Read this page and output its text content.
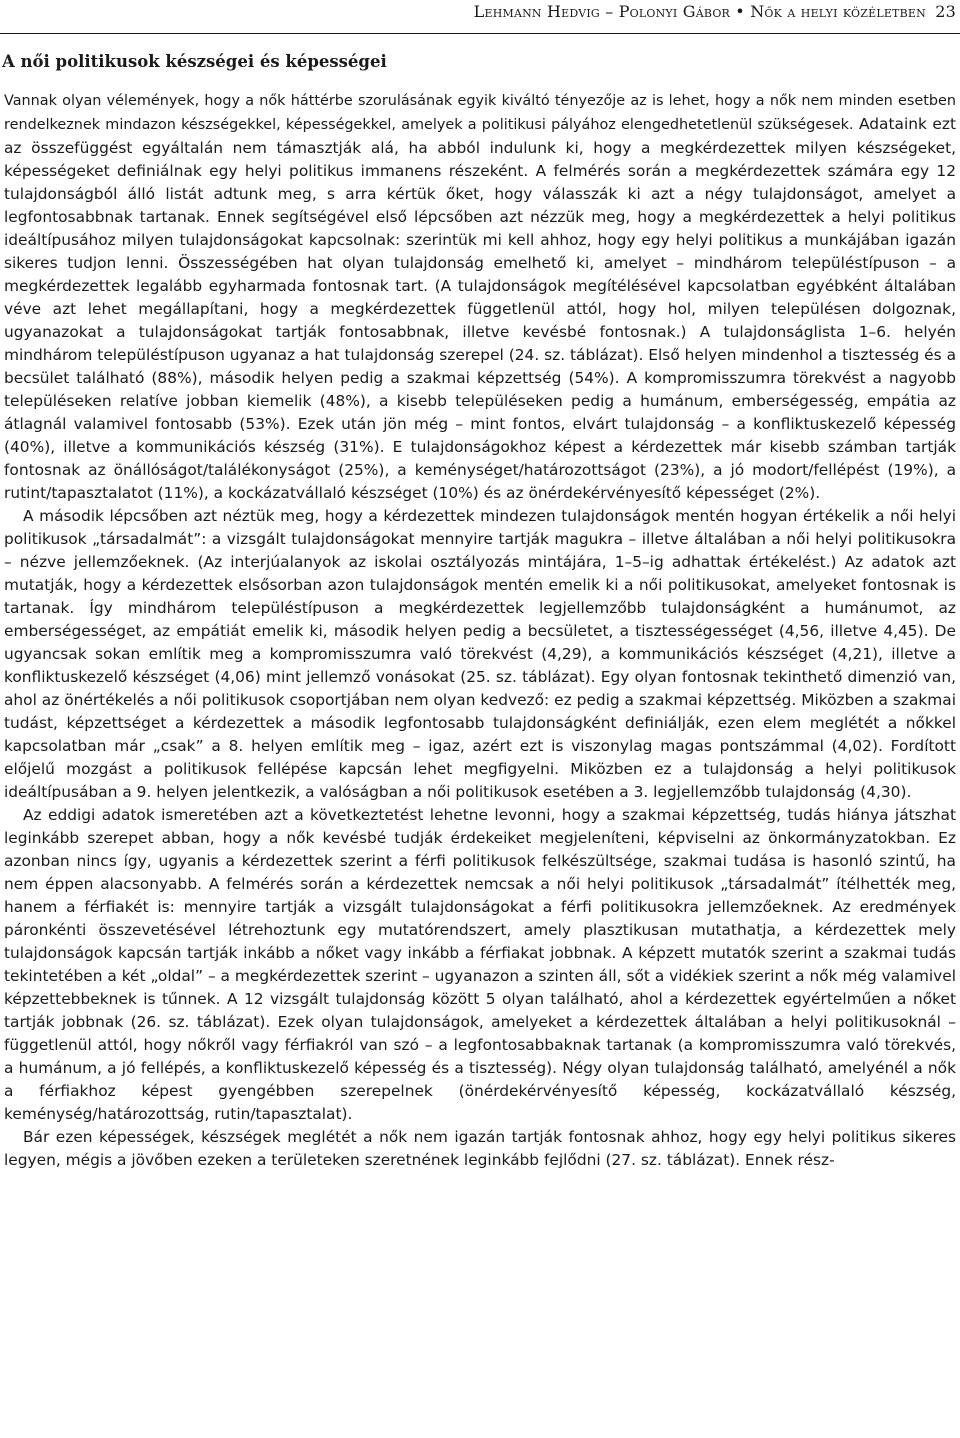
Lehmann Hedvig – Polonyi Gábor • Nők a helyi közéletben 23
A női politikusok készségei és képességei

Vannak olyan vélemények, hogy a nők háttérbe szorulásának egyik kiváltó tényezője az is lehet, hogy a nők nem minden esetben rendelkeznek mindazon készségekkel, képességekkel, amelyek a politikusi pályához elengedhetetlenül szükségesek. Adataink ezt az összefüggést egyáltalán nem támasztják alá, ha abból indulunk ki, hogy a megkérdezettek milyen készségeket, képességeket definiálnak egy helyi politikus immanens részeként. A felmérés során a megkérdezettek számára egy 12 tulajdonságból álló listát adtunk meg, s arra kértük őket, hogy válasszák ki azt a négy tulajdonságot, amelyet a legfontosabbnak tartanak. Ennek segítségével első lépcsőben azt nézzük meg, hogy a megkérdezettek a helyi politikus ideáltípusához milyen tulajdonságokat kapcsolnak: szerintük mi kell ahhoz, hogy egy helyi politikus a munkájában igazán sikeres tudjon lenni. Összességében hat olyan tulajdonság emelhető ki, amelyet – mindhárom településtípuson – a megkérdezettek legalább egyharmada fontosnak tart. (A tulajdonságok megítélésével kapcsolatban egyébként általában véve azt lehet megállapítani, hogy a megkérdezettek függetlenül attól, hogy hol, milyen településen dolgoznak, ugyanazokat a tulajdonságokat tartják fontosabbnak, illetve kevésbé fontosnak.) A tulajdonságlista 1–6. helyén mindhárom településtípuson ugyanaz a hat tulajdonság szerepel (24. sz. táblázat). Első helyen mindenhol a tisztesség és a becsület található (88%), második helyen pedig a szakmai képzettség (54%). A kompromisszumra törekvést a nagyobb településeken relatíve jobban kiemelik (48%), a kisebb településeken pedig a humánum, emberségesség, empátia az átlagnál valamivel fontosabb (53%). Ezek után jön még – mint fontos, elvárt tulajdonság – a konfliktuskezelő képesség (40%), illetve a kommunikációs készség (31%). E tulajdonságokhoz képest a kérdezettek már kisebb számban tartják fontosnak az önállóságot/találékonyságot (25%), a keménységet/határozottságot (23%), a jó modort/fellépést (19%), a rutint/tapasztalatot (11%), a kockázatvállaló készséget (10%) és az önérdekérvényesítő képességet (2%).

A második lépcsőben azt néztük meg, hogy a kérdezettek mindezen tulajdonságok mentén hogyan értékelik a női helyi politikusok „társadalmát”: a vizsgált tulajdonságokat mennyire tartják magukra – illetve általában a női helyi politikusokra – nézve jellemzőeknek. (Az interjúalanyok az iskolai osztályozás mintájára, 1–5–ig adhattak értékelést.) Az adatok azt mutatják, hogy a kérdezettek elsősorban azon tulajdonságok mentén emelik ki a női politikusokat, amelyeket fontosnak is tartanak. Így mindhárom településtípuson a megkérdezettek legjellemzőbb tulajdonságként a humánumot, az emberségességet, az empátiát emelik ki, második helyen pedig a becsületet, a tisztességességet (4,56, illetve 4,45). De ugyancsak sokan említik meg a kompromisszumra való törekvést (4,29), a kommunikációs készséget (4,21), illetve a konfliktuskezelő készséget (4,06) mint jellemző vonásokat (25. sz. táblázat). Egy olyan fontosnak tekinthető dimenzió van, ahol az önértékelés a női politikusok csoportjában nem olyan kedvező: ez pedig a szakmai képzettség. Miközben a szakmai tudást, képzettséget a kérdezettek a második legfontosabb tulajdonságként definiálják, ezen elem meglétét a nőkkel kapcsolatban már „csak” a 8. helyen említik meg – igaz, azért ezt is viszonylag magas pontszámmal (4,02). Fordított előjelű mozgást a politikusok fellépése kapcsán lehet megfigyelni. Miközben ez a tulajdonság a helyi politikusok ideáltípusában a 9. helyen jelentkezik, a valóságban a női politikusok esetében a 3. legjellemzőbb tulajdonság (4,30).

Az eddigi adatok ismeretében azt a következtetést lehetne levonni, hogy a szakmai képzettség, tudás hiánya játszhat leginkább szerepet abban, hogy a nők kevésbé tudják érdekeiket megjeleníteni, képviselni az önkormányzatokban. Ez azonban nincs így, ugyanis a kérdezettek szerint a férfi politikusok felkészültsége, szakmai tudása is hasonló szintű, ha nem éppen alacsonyabb. A felmérés során a kérdezettek nemcsak a női helyi politikusok „társadalmát” ítélhették meg, hanem a férfiakét is: mennyire tartják a vizsgált tulajdonságokat a férfi politikusokra jellemzőeknek. Az eredmények páronkénti összevetésével létrehoztunk egy mutatórendszert, amely plasztikusan mutathatja, a kérdezettek mely tulajdonságok kapcsán tartják inkább a nőket vagy inkább a férfiakat jobbnak. A képzett mutatók szerint a szakmai tudás tekintetében a két „oldal” – a megkérdezettek szerint – ugyanazon a szinten áll, sőt a vidékiek szerint a nők még valamivel képzettebbeknek is tűnnek. A 12 vizsgált tulajdonság között 5 olyan található, ahol a kérdezettek egyértelműen a nőket tartják jobbnak (26. sz. táblázat). Ezek olyan tulajdonságok, amelyeket a kérdezettek általában a helyi politikusoknál – függetlenül attól, hogy nőkről vagy férfiakról van szó – a legfontosabbaknak tartanak (a kompromisszumra való törekvés, a humánum, a jó fellépés, a konfliktuskezelő képesség és a tisztesség). Négy olyan tulajdonság található, amelyénél a nők a férfiakhoz képest gyengébben szerepelnek (önérdekérvényesítő képesség, kockázatvállaló készség, keménység/határozottság, rutin/tapasztalat).

Bár ezen képességek, készségek meglétét a nők nem igazán tartják fontosnak ahhoz, hogy egy helyi politikus sikeres legyen, mégis a jövőben ezeken a területeken szeretnének leginkább fejlődni (27. sz. táblázat). Ennek rész-
